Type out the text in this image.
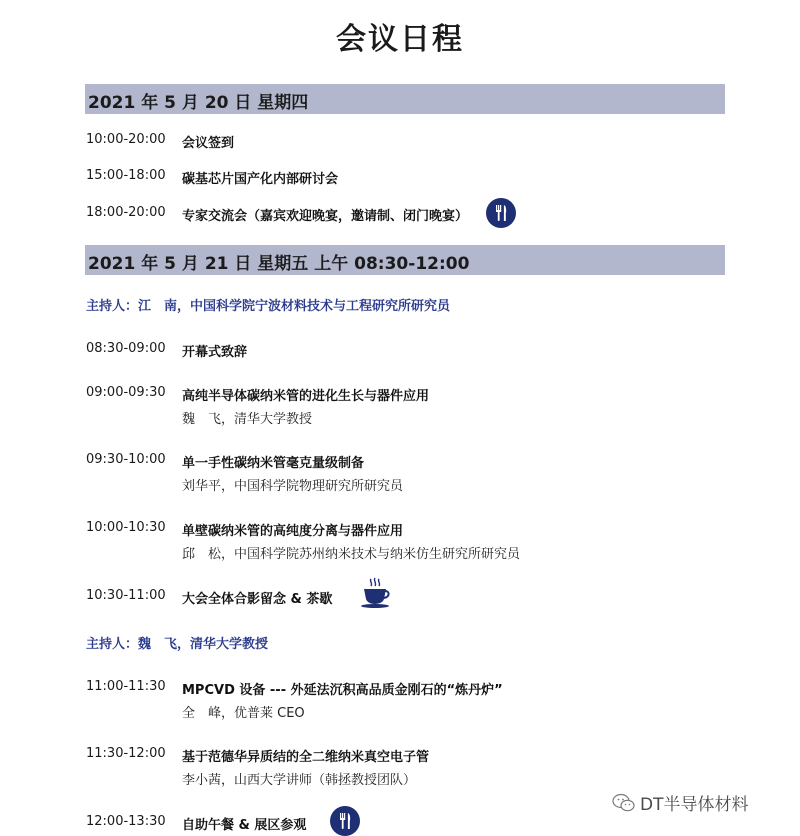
会议日程
2021 年 5 月 20 日 星期四
10:00-20:00 会议签到
15:00-18:00 碳基芯片国产化内部研讨会
18:00-20:00 专家交流会（嘉宾欢迎晚宴，邀请制、闭门晚宴）
2021 年 5 月 21 日 星期五 上午 08:30-12:00
主持人：江　南，中国科学院宁波材料技术与工程研究所研究员
08:30-09:00 开幕式致辞
09:00-09:30 高纯半导体碳纳米管的进化生长与器件应用
魏　飞，清华大学教授
09:30-10:00 单一手性碳纳米管毫克量级制备
刘华平，中国科学院物理研究所研究员
10:00-10:30 单壁碳纳米管的高纯度分离与器件应用
邱　松，中国科学院苏州纳米技术与纳米仿生研究所研究员
10:30-11:00 大会全体合影留念 & 茶歇
主持人：魏　飞，清华大学教授
11:00-11:30 MPCVD 设备 --- 外延法沉积高品质金刚石的“炼丹炉”
全　峰，优普莱 CEO
11:30-12:00 基于范德华异质结的全二维纳米真空电子管
李小茜，山西大学讲师（韩拯教授团队）
12:00-13:30 自助午餐 & 展区参观
DT半导体材料
